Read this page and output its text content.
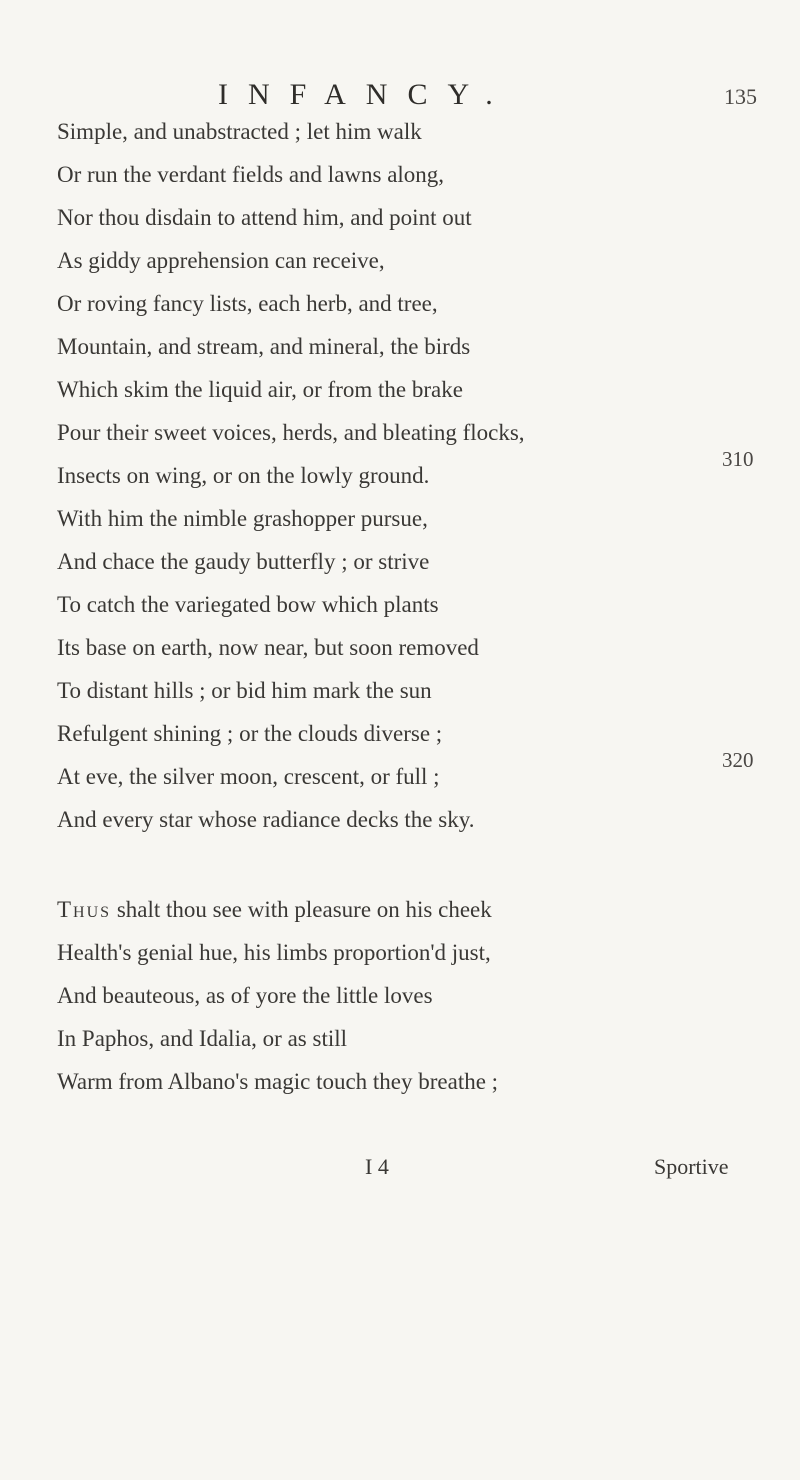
INFANCY.	135
Simple, and unabstracted ; let him walk
Or run the verdant fields and lawns along,
Nor thou disdain to attend him, and point out
As giddy apprehension can receive,
Or roving fancy lists, each herb, and tree,
Mountain, and stream, and mineral, the birds
Which skim the liquid air, or from the brake
Pour their sweet voices, herds, and bleating flocks,
Insects on wing, or on the lowly ground.
With him the nimble grashopper pursue,
And chace the gaudy butterfly ; or strive
To catch the variegated bow which plants
Its base on earth, now near, but soon removed
To distant hills ; or bid him mark the sun
Refulgent shining ; or the clouds diverse ;
At eve, the silver moon, crescent, or full ;
And every star whose radiance decks the sky.
Thus shalt thou see with pleasure on his cheek
Health's genial hue, his limbs proportion'd just,
And beauteous, as of yore the little loves
In Paphos, and Idalia, or as still
Warm from Albano's magic touch they breathe ;
310
320
I 4	Sportive
